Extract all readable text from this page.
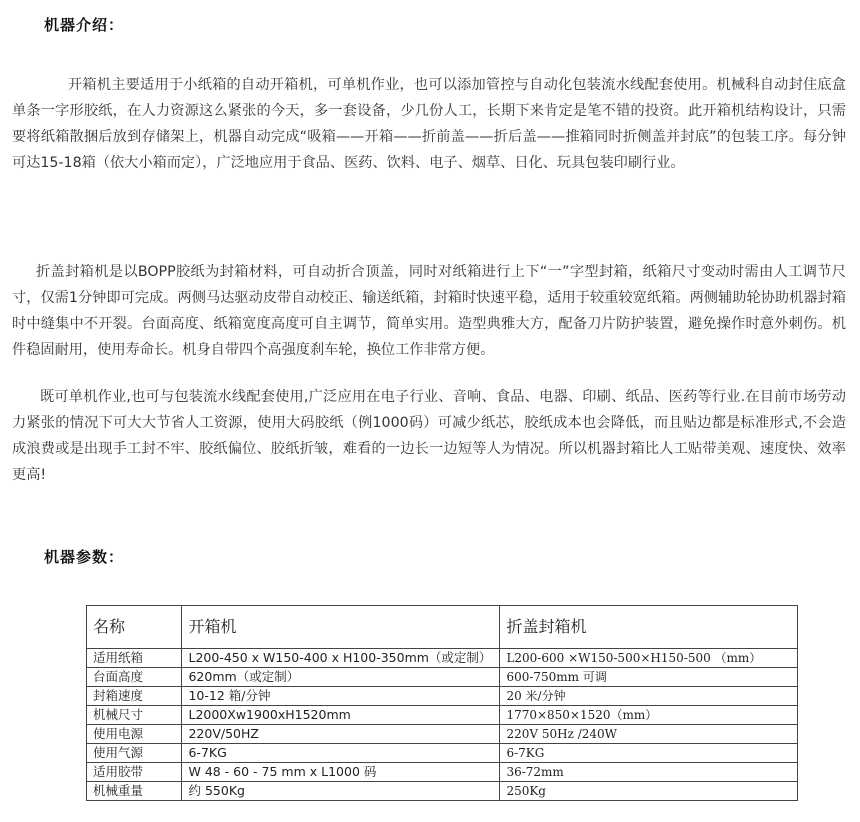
机器介绍：
开箱机主要适用于小纸箱的自动开箱机，可单机作业，也可以添加管控与自动化包装流水线配套使用。机械科自动封住底盒单条一字形胶纸，在人力资源这么紧张的今天，多一套设备，少几份人工，长期下来肯定是笔不错的投资。此开箱机结构设计，只需要将纸箱散捆后放到存储架上，机器自动完成“吸箱——开箱——折前盖——折后盖——推箱同时折侧盖并封底”的包装工序。每分钟可达15-18箱（依大小箱而定），广泛地应用于食品、医药、饮料、电子、烟草、日化、玩具包装印刷行业。
折盖封箱机是以BOPP胶纸为封箱材料，可自动折合顶盖，同时对纸箱进行上下“一”字型封箱，纸箱尺寸变动时需由人工调节尺寸，仅需1分钟即可完成。两侧马达驱动皮带自动校正、输送纸箱，封箱时快速平稳，适用于较重较宽纸箱。两侧辅助轮协助机器封箱时中缝集中不开裂。台面高度、纸箱宽度高度可自主调节，简单实用。造型典雅大方，配备刀片防护装置，避免操作时意外刺伤。机件稳固耐用，使用寿命长。机身自带四个高强度刹车轮，换位工作非常方便。
既可单机作业,也可与包装流水线配套使用,广泛应用在电子行业、音响、食品、电器、印刷、纸品、医药等行业.在目前市场劳动力紧张的情况下可大大节省人工资源，使用大码胶纸（例1000码）可减少纸芯，胶纸成本也会降低，而且贴边都是标准形式,不会造成浪费或是出现手工封不牢、胶纸偏位、胶纸折皱，难看的一边长一边短等人为情况。所以机器封箱比人工贴带美观、速度快、效率更高!
机器参数：
名称	开箱机	折盖封箱机
适用纸箱	L200-450 x W150-400 x H100-350mm（或定制）	L200-600 ×W150-500×H150-500 （mm）
台面高度	620mm（或定制）	600-750mm 可调
封箱速度	10-12 箱/分钟	20 米/分钟
机械尺寸	L2000Xw1900xH1520mm	1770×850×1520（mm）
使用电源	220V/50HZ	220V 50Hz /240W
使用气源	6-7KG	6-7KG
适用胶带	W 48 - 60 - 75 mm x L1000 码	36-72mm
机械重量	约 550Kg	250Kg
